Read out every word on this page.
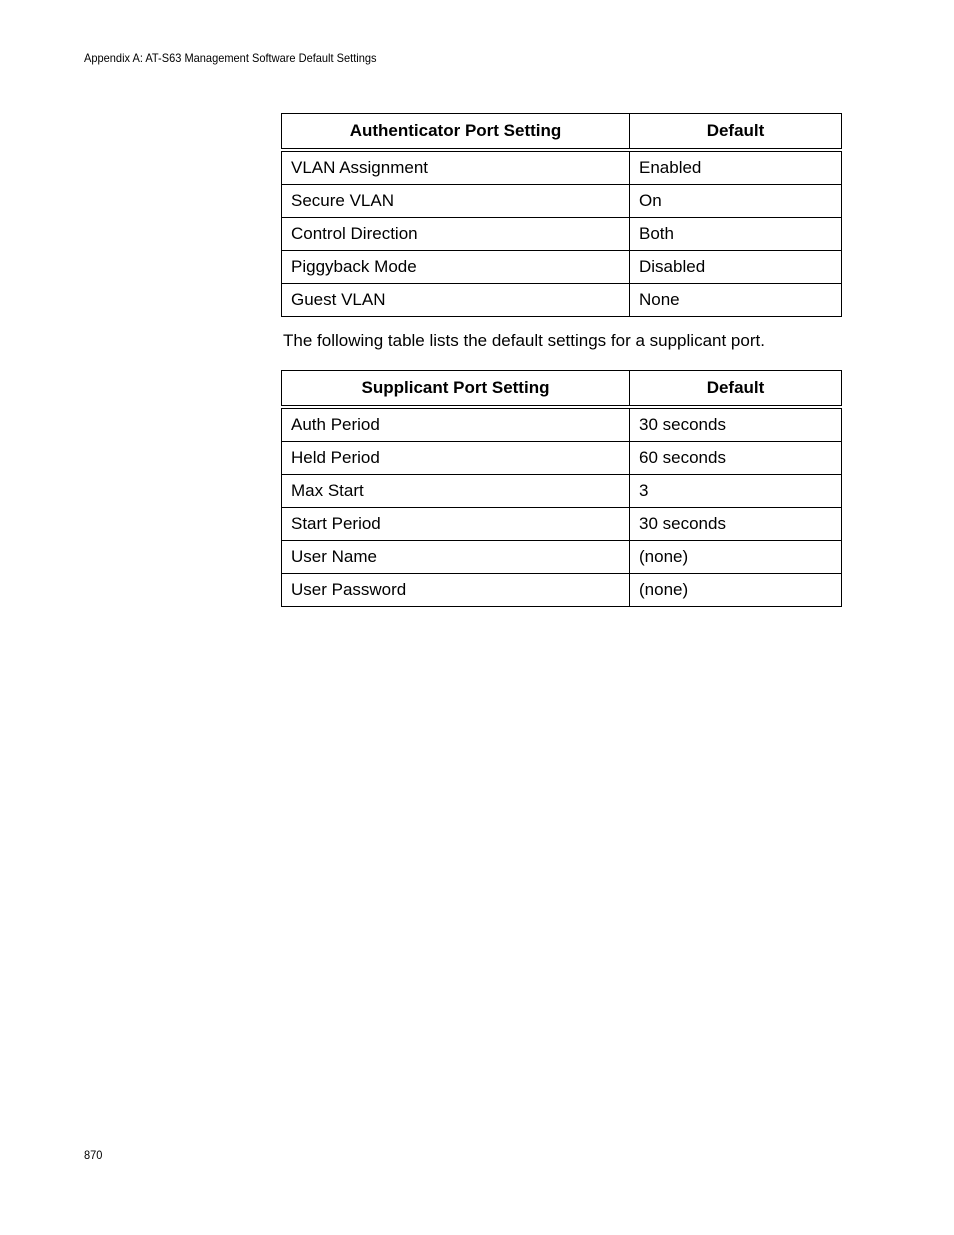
Appendix A: AT-S63 Management Software Default Settings
Authenticator Port Setting	Default
VLAN Assignment	Enabled
Secure VLAN	On
Control Direction	Both
Piggyback Mode	Disabled
Guest VLAN	None
The following table lists the default settings for a supplicant port.
Supplicant Port Setting	Default
Auth Period	30 seconds
Held Period	60 seconds
Max Start	3
Start Period	30 seconds
User Name	(none)
User Password	(none)
870
